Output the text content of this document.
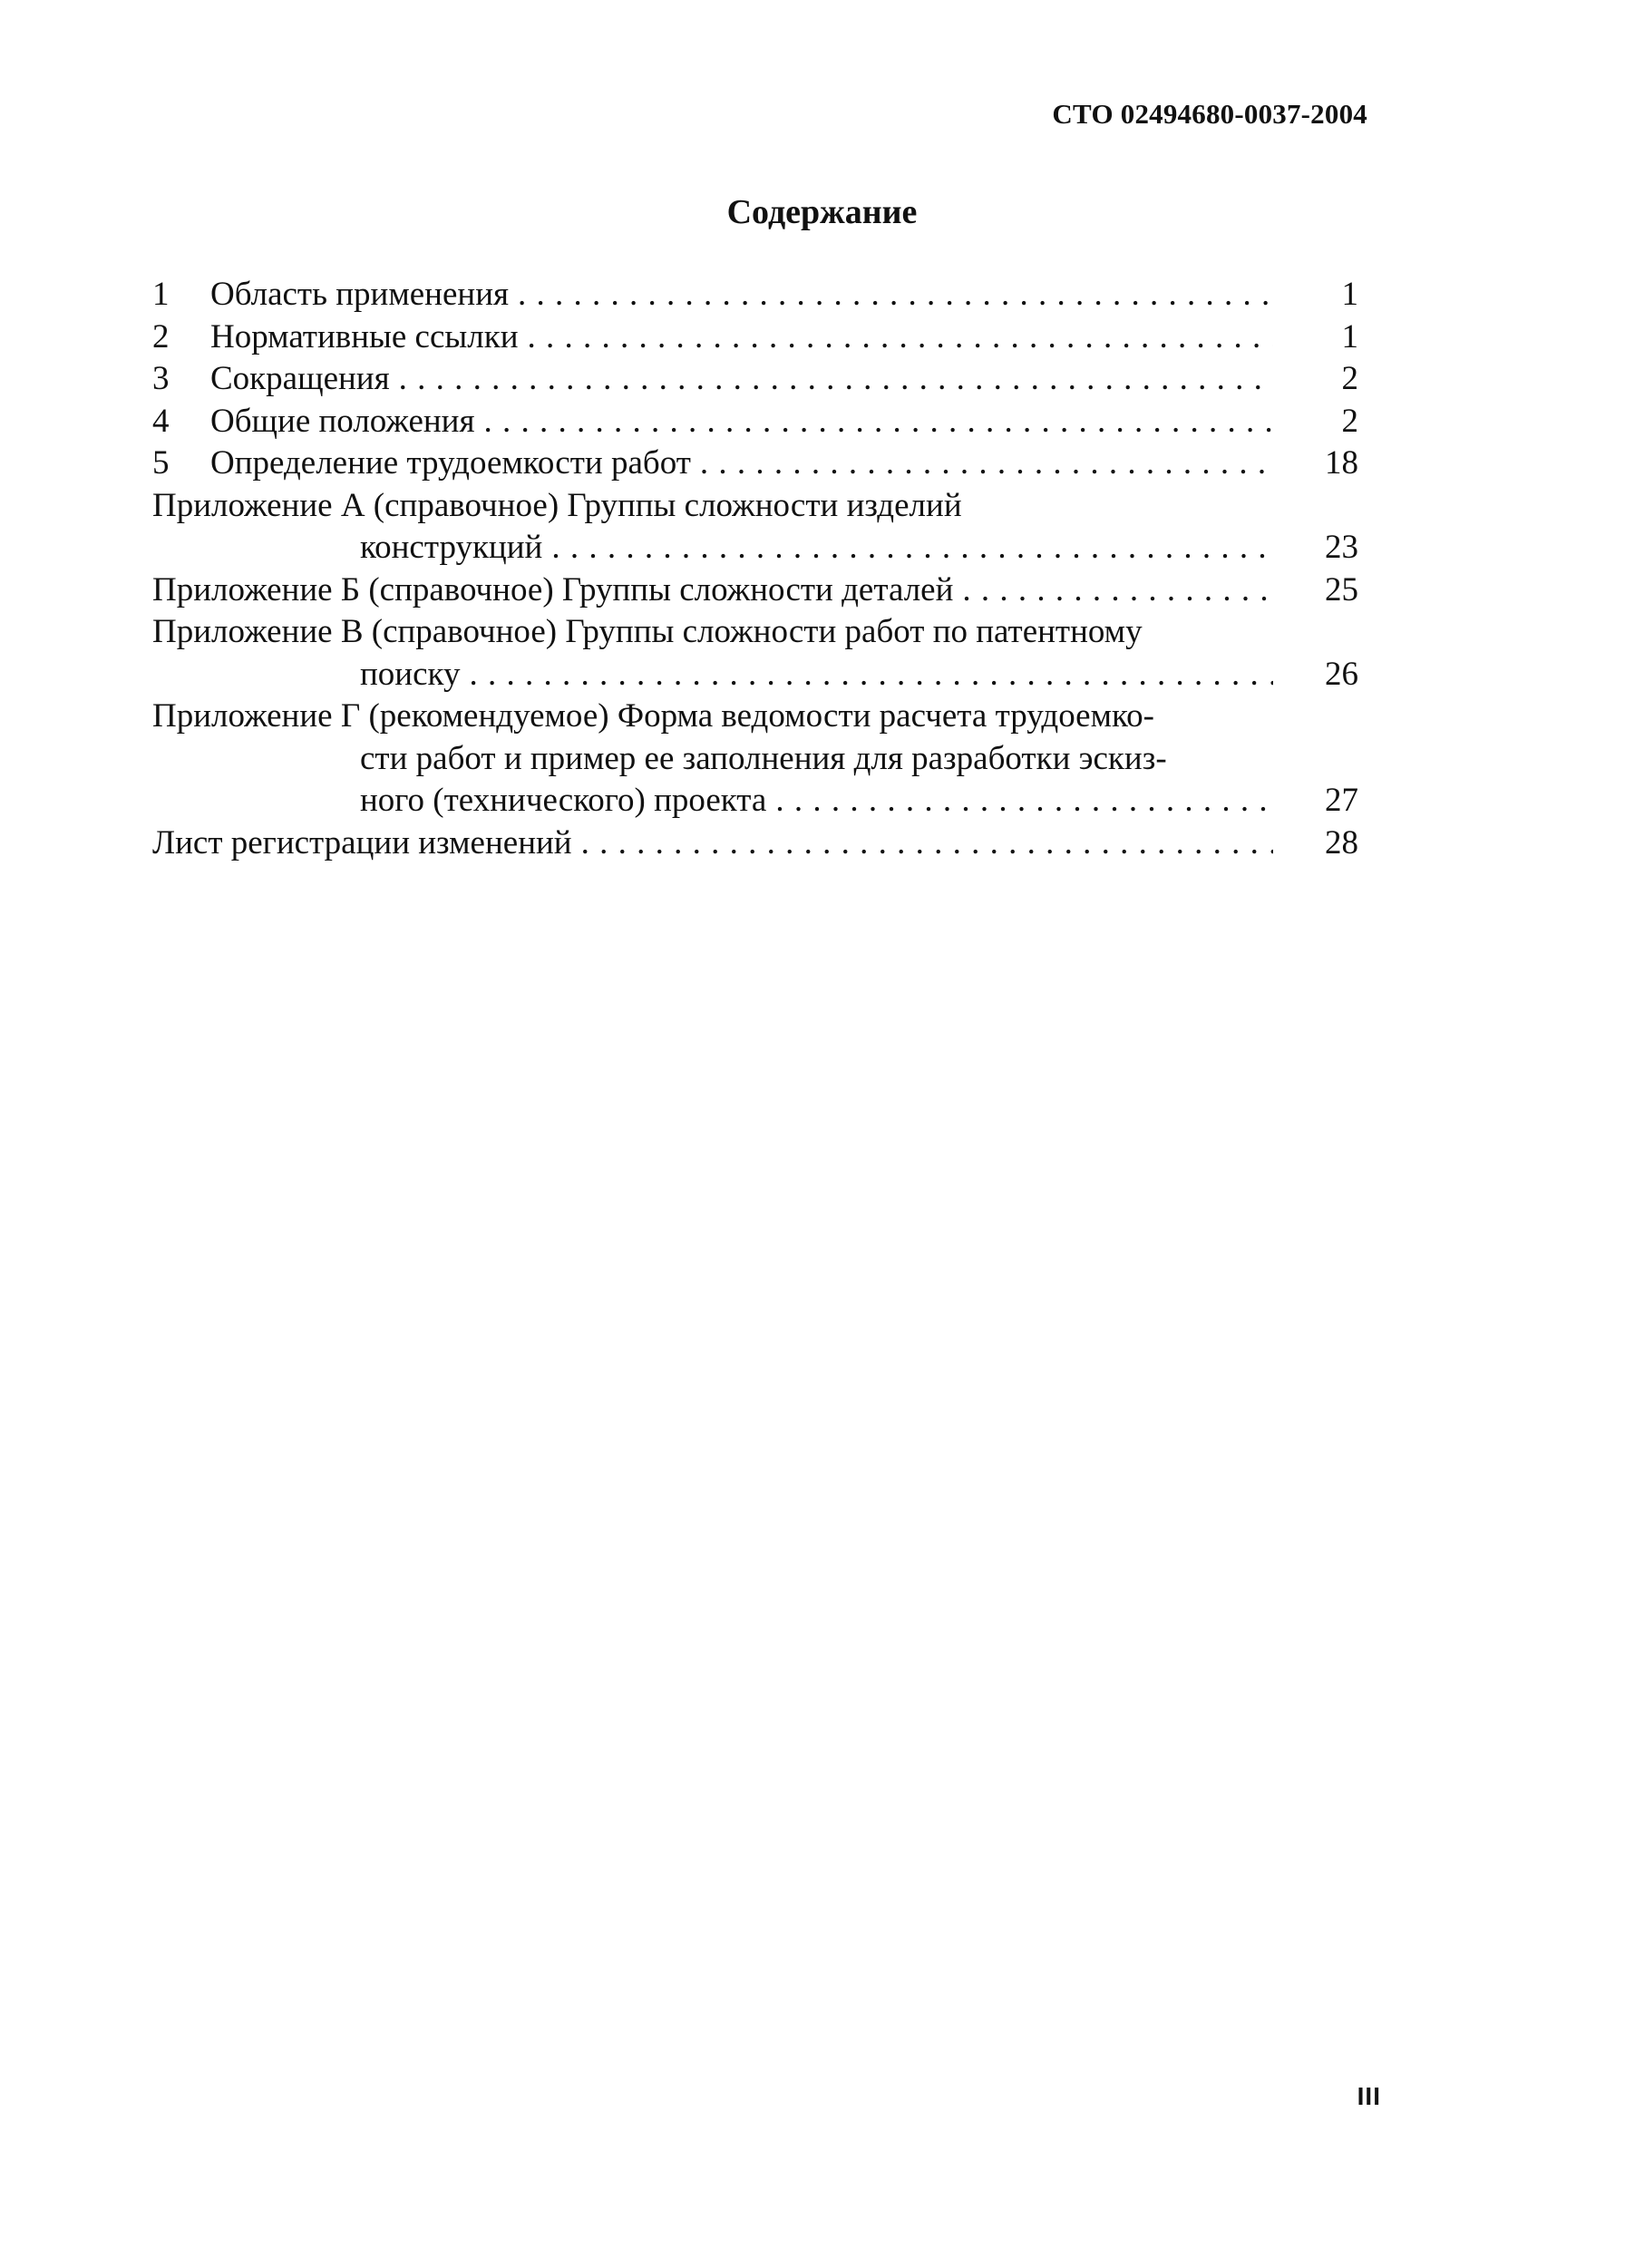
СТО 02494680-0037-2004
Содержание
1	Область применения . . .	1
2	Нормативные ссылки . . .	1
3	Сокращения . . .	2
4	Общие положения . . .	2
5	Определение трудоемкости работ . . .	18
Приложение А (справочное) Группы сложности изделий
конструкций . . .	23
Приложение Б (справочное) Группы сложности деталей . . .	25
Приложение В (справочное) Группы сложности работ по патентному
поиску . . .	26
Приложение Г (рекомендуемое) Форма ведомости расчета трудоемко-
сти работ и пример ее заполнения для разработки эскиз-
ного (технического) проекта . . .	27
Лист регистрации изменений . . .	28
III
